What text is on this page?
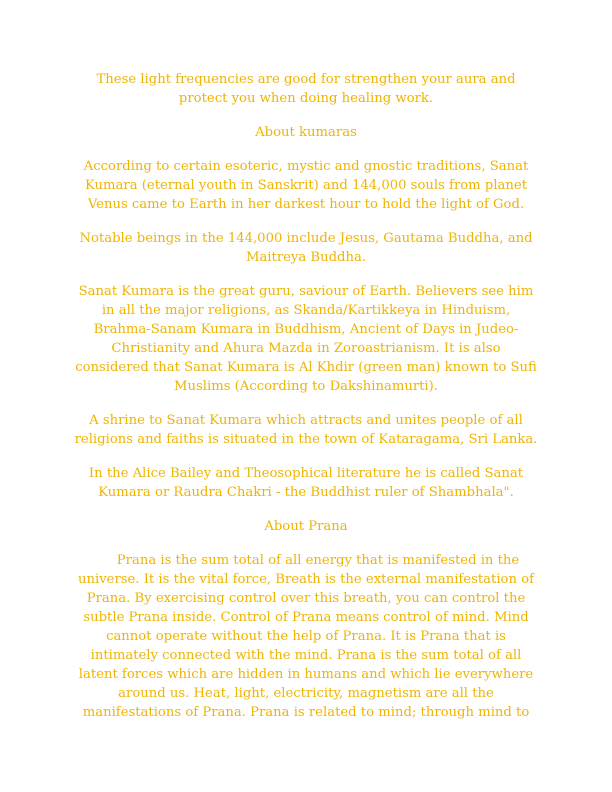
These light frequencies are good for strengthen your aura and

protect you when doing healing work.

About kumaras

According to certain esoteric, mystic and gnostic traditions, Sanat

Kumara (eternal youth in Sanskrit) and 144,000 souls from planet

Venus came to Earth in her darkest hour to hold the light of God.

Notable beings in the 144,000 include Jesus, Gautama Buddha, and

Maitreya Buddha.

Sanat Kumara is the great guru, saviour of Earth. Believers see him

in all the major religions, as Skanda/Kartikkeya in Hinduism,

Brahma-Sanam Kumara in Buddhism, Ancient of Days in Judeo-

Christianity and Ahura Mazda in Zoroastrianism. It is also

considered that Sanat Kumara is Al Khdir (green man) known to Sufi

Muslims (According to Dakshinamurti).

A shrine to Sanat Kumara which attracts and unites people of all

religions and faiths is situated in the town of Kataragama, Sri Lanka.

In the Alice Bailey and Theosophical literature he is called Sanat

Kumara or Raudra Chakri - the Buddhist ruler of Shambhala".

About Prana

Prana is the sum total of all energy that is manifested in the

universe. It is the vital force, Breath is the external manifestation of

Prana. By exercising control over this breath, you can control the

subtle Prana inside. Control of Prana means control of mind. Mind

cannot operate without the help of Prana. It is Prana that is

intimately connected with the mind. Prana is the sum total of all

latent forces which are hidden in humans and which lie everywhere

around us. Heat, light, electricity, magnetism are all the

manifestations of Prana. Prana is related to mind; through mind to
